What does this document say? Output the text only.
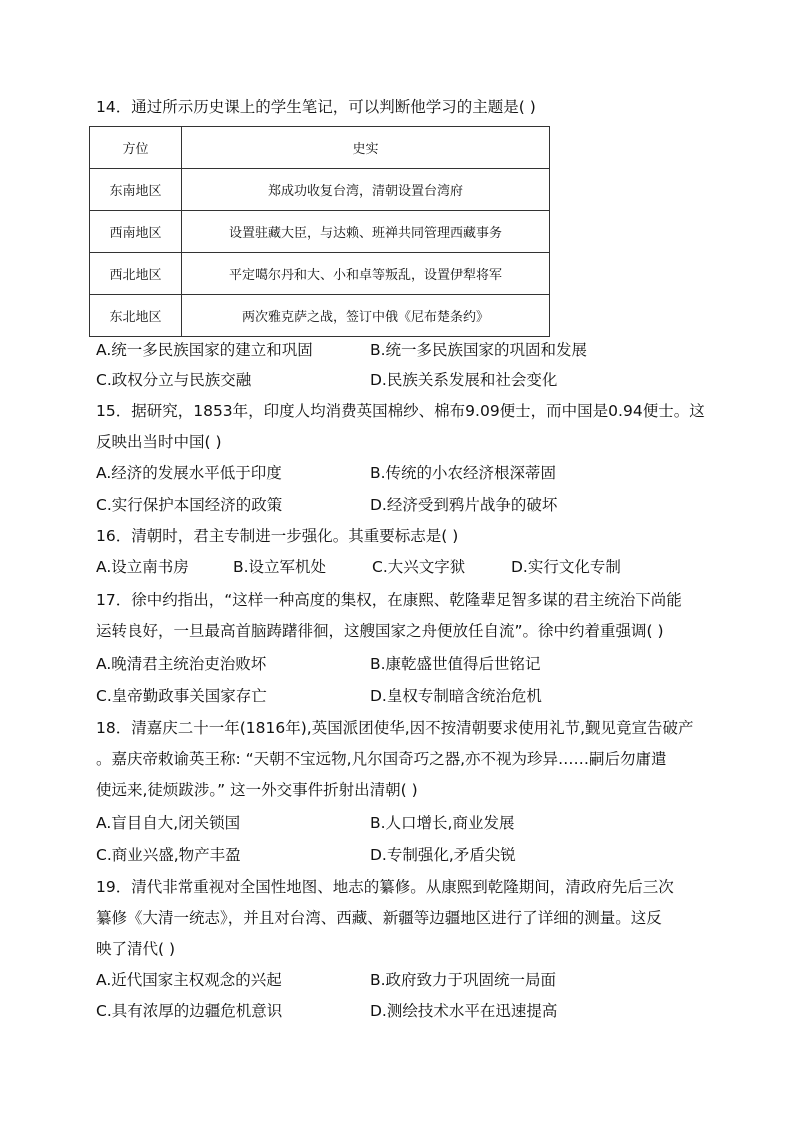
14．通过所示历史课上的学生笔记，可以判断他学习的主题是( )
方位	史实
东南地区	郑成功收复台湾，清朝设置台湾府
西南地区	设置驻藏大臣，与达赖、班禅共同管理西藏事务
西北地区	平定噶尔丹和大、小和卓等叛乱，设置伊犁将军
东北地区	两次雅克萨之战，签订中俄《尼布楚条约》
A.统一多民族国家的建立和巩固	B.统一多民族国家的巩固和发展
C.政权分立与民族交融	D.民族关系发展和社会变化
15．据研究，1853年，印度人均消费英国棉纱、棉布9.09便士，而中国是0.94便士。这
反映出当时中国( )
A.经济的发展水平低于印度	B.传统的小农经济根深蒂固
C.实行保护本国经济的政策	D.经济受到鸦片战争的破坏
16．清朝时，君主专制进一步强化。其重要标志是( )
A.设立南书房	B.设立军机处	C.大兴文字狱	D.实行文化专制
17．徐中约指出，“这样一种高度的集权，在康熙、乾隆辈足智多谋的君主统治下尚能
运转良好，一旦最高首脑踌躇徘徊，这艘国家之舟便放任自流”。徐中约着重强调( )
A.晚清君主统治吏治败坏	B.康乾盛世值得后世铭记
C.皇帝勤政事关国家存亡	D.皇权专制暗含统治危机
18．清嘉庆二十一年(1816年),英国派团使华,因不按清朝要求使用礼节,觐见竟宣告破产
。嘉庆帝敕谕英王称: “天朝不宝远物,凡尔国奇巧之器,亦不视为珍异……嗣后勿庸遣
使远来,徒烦跋涉。” 这一外交事件折射出清朝( )
A.盲目自大,闭关锁国	B.人口增长,商业发展
C.商业兴盛,物产丰盈	D.专制强化,矛盾尖锐
19．清代非常重视对全国性地图、地志的纂修。从康熙到乾隆期间，清政府先后三次
纂修《大清一统志》，并且对台湾、西藏、新疆等边疆地区进行了详细的测量。这反
映了清代( )
A.近代国家主权观念的兴起	B.政府致力于巩固统一局面
C.具有浓厚的边疆危机意识	D.测绘技术水平在迅速提高
